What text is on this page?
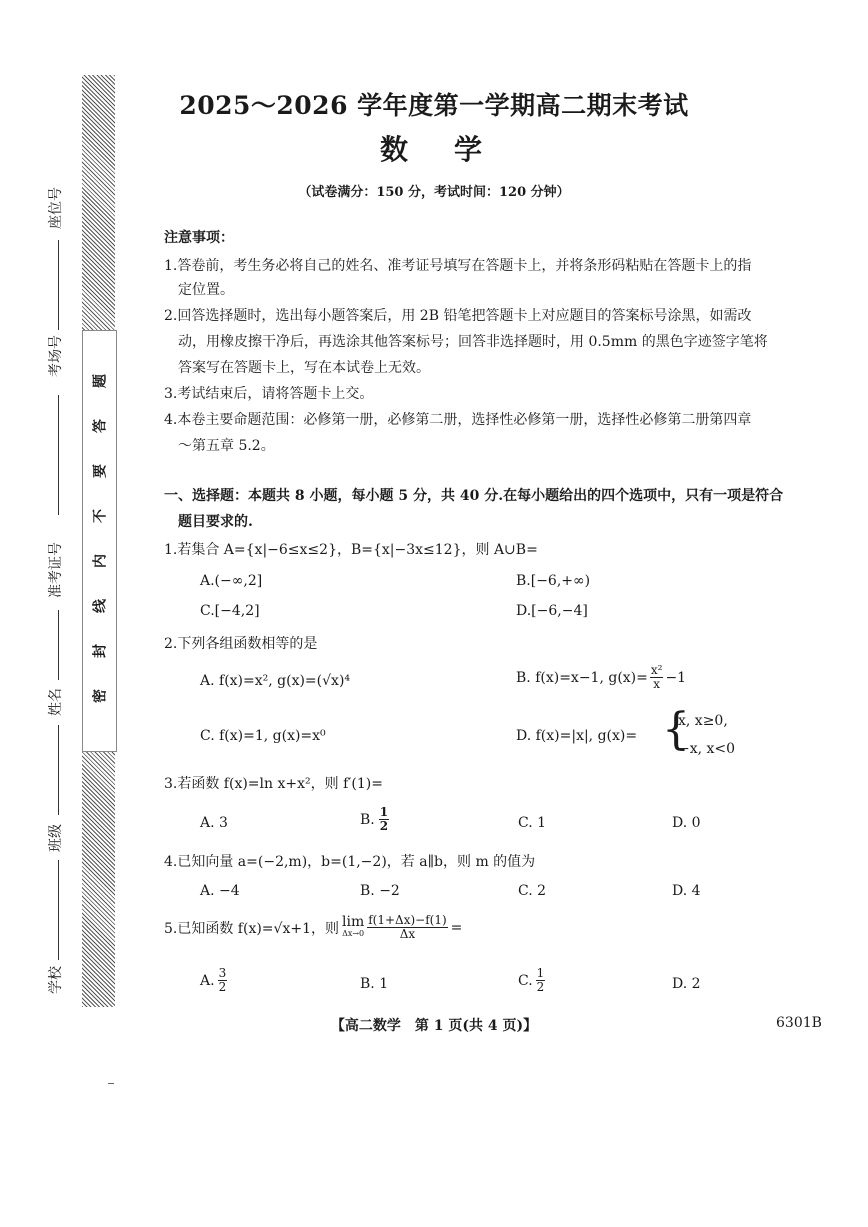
题
答
要
不
内
线
封
密
座位号
考场号
准考证号
姓名
班级
学校
2025～2026 学年度第一学期高二期末考试
数学
（试卷满分：150 分，考试时间：120 分钟）
注意事项：
1.答卷前，考生务必将自己的姓名、准考证号填写在答题卡上，并将条形码粘贴在答题卡上的指
定位置。
2.回答选择题时，选出每小题答案后，用 2B 铅笔把答题卡上对应题目的答案标号涂黑，如需改
动，用橡皮擦干净后，再选涂其他答案标号；回答非选择题时，用 0.5mm 的黑色字迹签字笔将
答案写在答题卡上，写在本试卷上无效。
3.考试结束后，请将答题卡上交。
4.本卷主要命题范围：必修第一册，必修第二册，选择性必修第一册，选择性必修第二册第四章
～第五章 5.2。
一、选择题：本题共 8 小题，每小题 5 分，共 40 分.在每小题给出的四个选项中，只有一项是符合
题目要求的.
1.若集合 A={x|−6≤x≤2}，B={x|−3x≤12}，则 A∪B=
A.(−∞,2]	B.[−6,+∞)
C.[−4,2]	D.[−6,−4]
2.下列各组函数相等的是
A. f(x)=x², g(x)=(√x)⁴	B. f(x)=x−1, $g(x)= \frac{\text{x²}}{x} -1$
C. f(x)=1, g(x)=x⁰	D. f(x)=|x|, g(x)= {
x, x≥0,
−x, x<0
3.若函数 f(x)=ln x+x²，则 f′(1)=
A. 3	B. $\frac{1}{2}$	C. 1	D. 0
4.已知向量 a=(−2,m)，b=(1,−2)，若 a∥b，则 m 的值为
A. −4	B. −2	C. 2	D. 4
5.已知函数 f(x)=√x+1，则 lim
$\Delta x\to 0 \frac{f(1+\Delta x)-f(1)}{\Delta x}$ =
A. $\frac{3}{2}$	B. 1	C. $\frac{1}{2}$	D. 2
【高二数学　第 1 页(共 4 页)】	6301B
